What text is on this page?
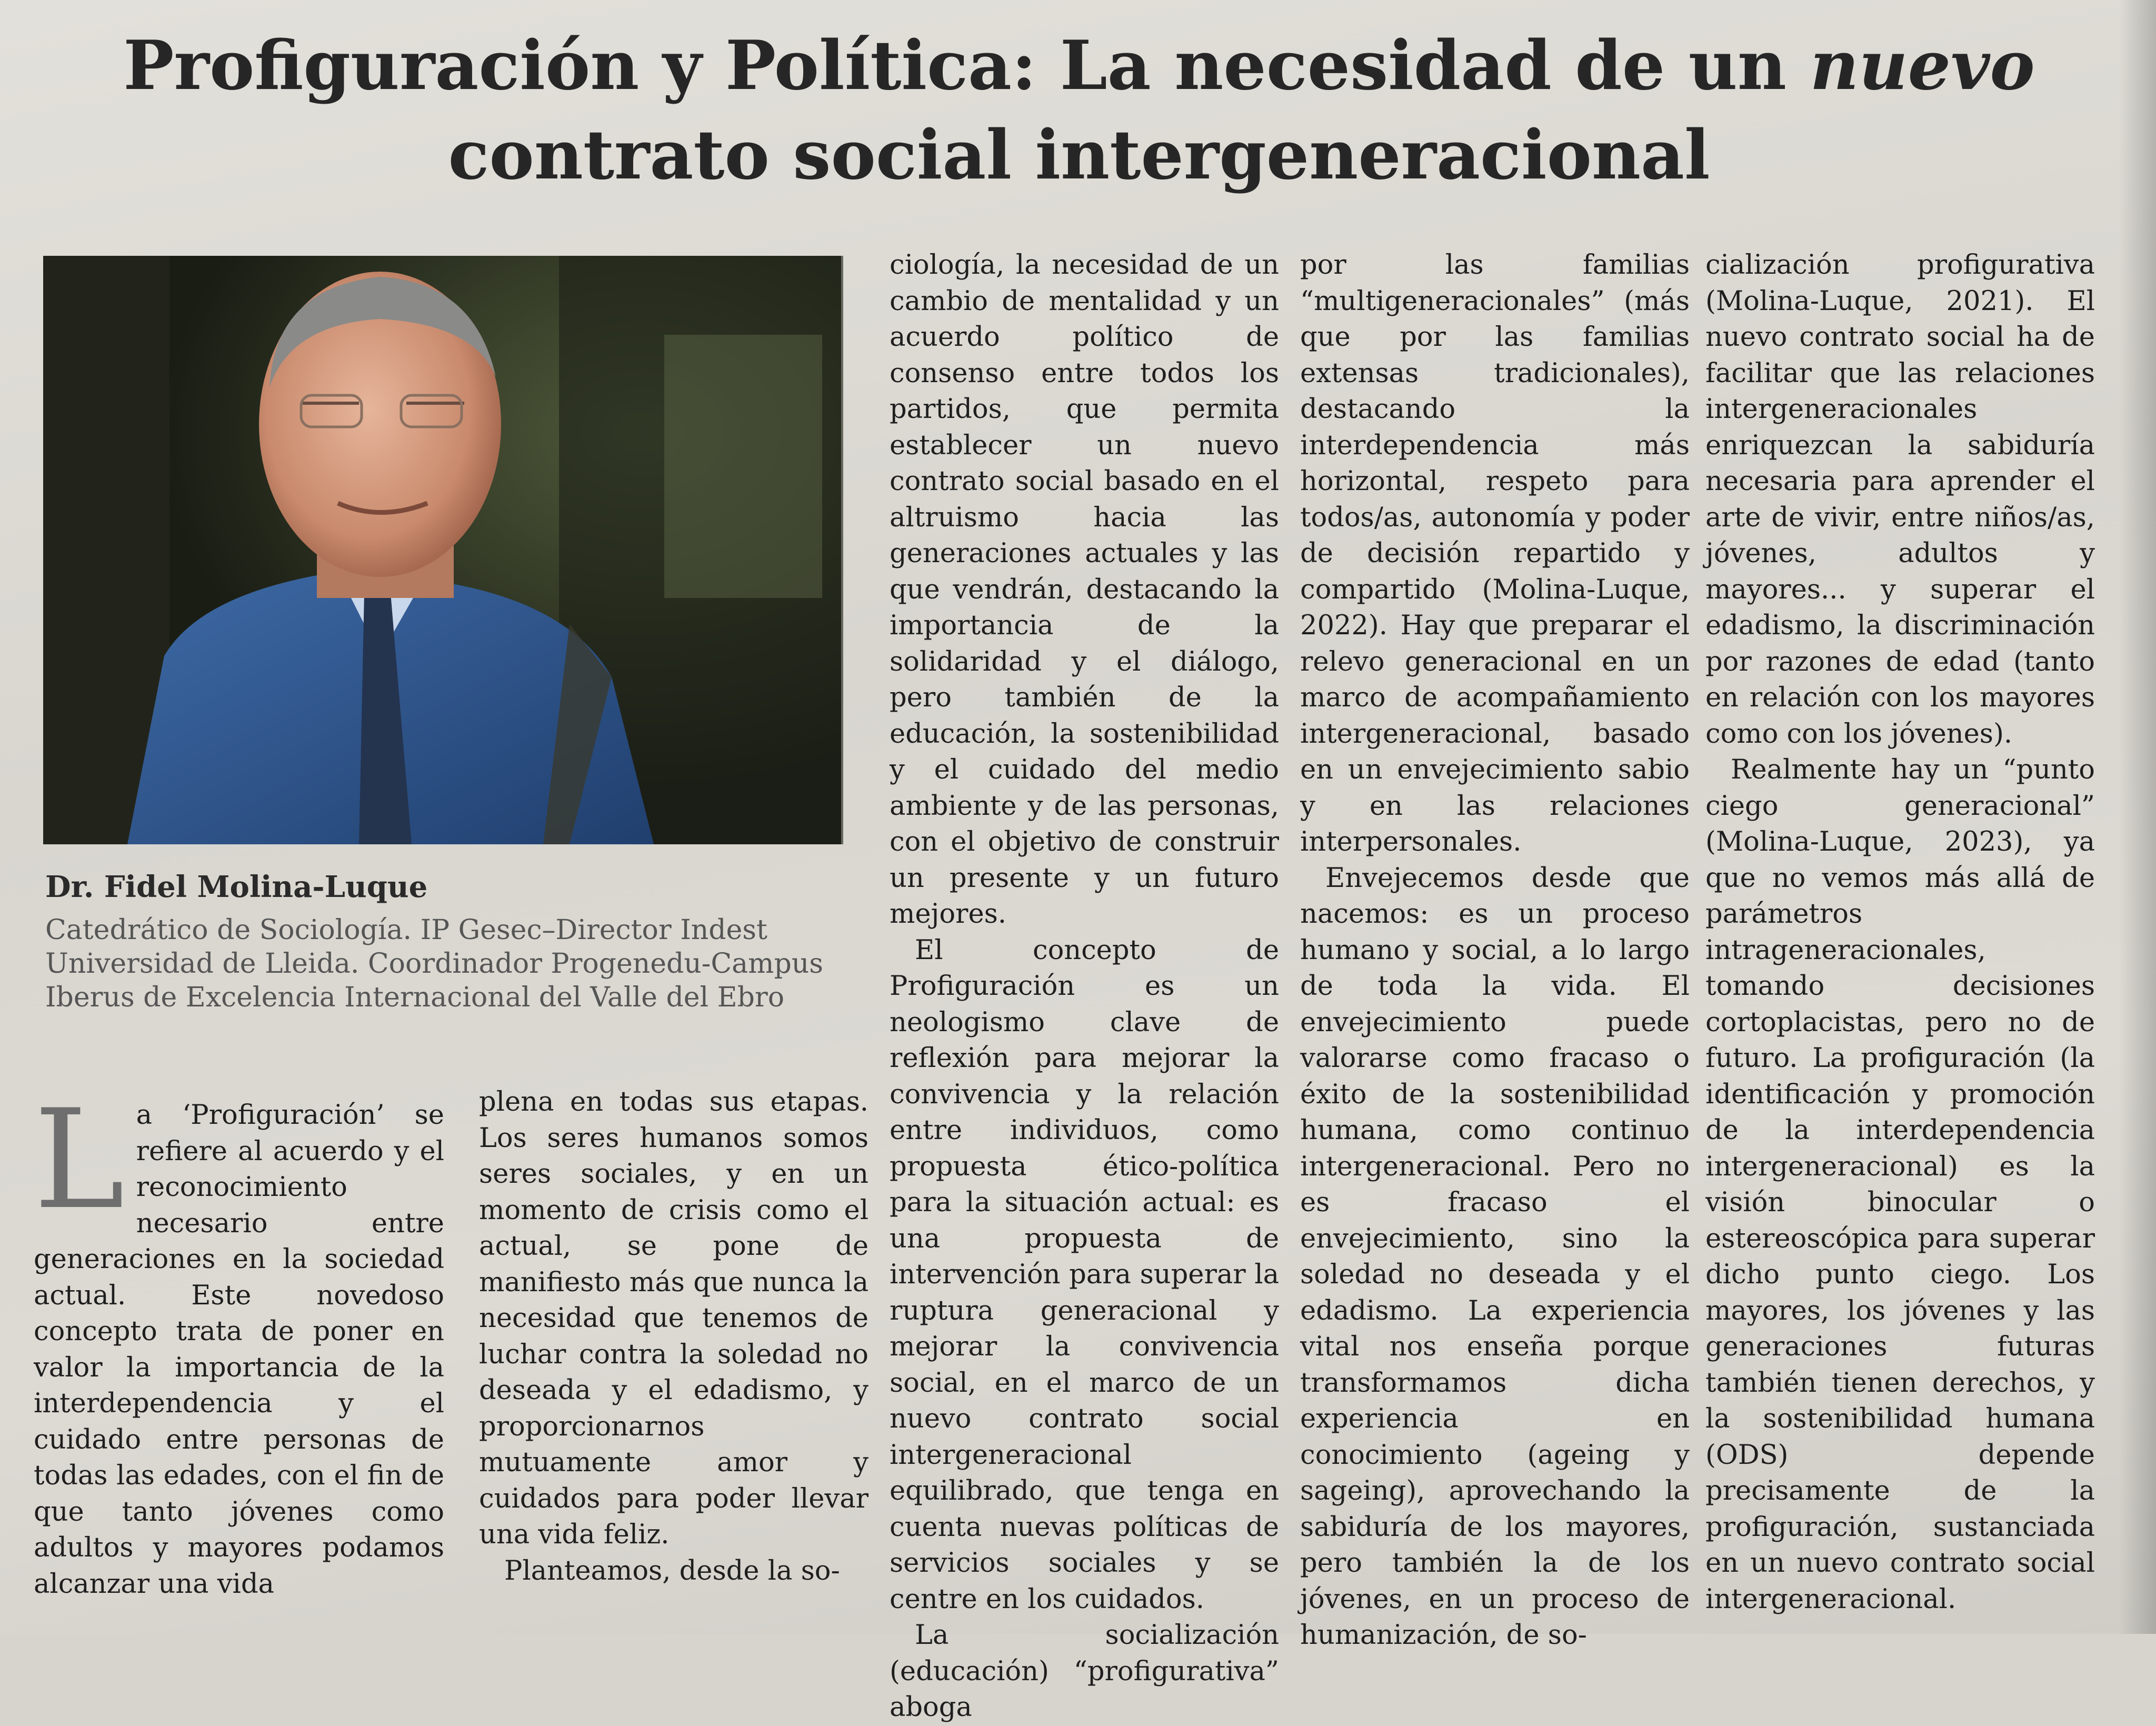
Profiguración y Política: La necesidad de un nuevo contrato social intergeneracional
Dr. Fidel Molina-Luque
Catedrático de Sociología. IP Gesec–Director Indest
Universidad de Lleida. Coordinador Progenedu-Campus
Iberus de Excelencia Internacional del Valle del Ebro

La ‘Profiguración’ se refiere al acuerdo y el reconocimiento necesario entre generaciones en la sociedad actual. Este novedoso concepto trata de poner en valor la importancia de la interdependencia y el cuidado entre personas de todas las edades, con el fin de que tanto jóvenes como adultos y mayores podamos alcanzar una vida

plena en todas sus etapas. Los seres humanos somos seres sociales, y en un momento de crisis como el actual, se pone de manifiesto más que nunca la necesidad que tenemos de luchar contra la soledad no deseada y el edadismo, y proporcionarnos mutuamente amor y cuidados para poder llevar una vida feliz.

Planteamos, desde la so-

ciología, la necesidad de un cambio de mentalidad y un acuerdo político de consenso entre todos los partidos, que permita establecer un nuevo contrato social basado en el altruismo hacia las generaciones actuales y las que vendrán, destacando la importancia de la solidaridad y el diálogo, pero también de la educación, la sostenibilidad y el cuidado del medio ambiente y de las personas, con el objetivo de construir un presente y un futuro mejores.

El concepto de Profiguración es un neologismo clave de reflexión para mejorar la convivencia y la relación entre individuos, como propuesta ético-política para la situación actual: es una propuesta de intervención para superar la ruptura generacional y mejorar la convivencia social, en el marco de un nuevo contrato social intergeneracional equilibrado, que tenga en cuenta nuevas políticas de servicios sociales y se centre en los cuidados.

La socialización (educación) “profigurativa” aboga

por las familias “multigeneracionales” (más que por las familias extensas tradicionales), destacando la interdependencia más horizontal, respeto para todos/as, autonomía y poder de decisión repartido y compartido (Molina-Luque, 2022). Hay que preparar el relevo generacional en un marco de acompañamiento intergeneracional, basado en un envejecimiento sabio y en las relaciones interpersonales.

Envejecemos desde que nacemos: es un proceso humano y social, a lo largo de toda la vida. El envejecimiento puede valorarse como fracaso o éxito de la sostenibilidad humana, como continuo intergeneracional. Pero no es fracaso el envejecimiento, sino la soledad no deseada y el edadismo. La experiencia vital nos enseña porque transformamos dicha experiencia en conocimiento (ageing y sageing), aprovechando la sabiduría de los mayores, pero también la de los jóvenes, en un proceso de humanización, de so-

cialización profigurativa (Molina-Luque, 2021). El nuevo contrato social ha de facilitar que las relaciones intergeneracionales enriquezcan la sabiduría necesaria para aprender el arte de vivir, entre niños/as, jóvenes, adultos y mayores... y superar el edadismo, la discriminación por razones de edad (tanto en relación con los mayores como con los jóvenes).

Realmente hay un “punto ciego generacional” (Molina-Luque, 2023), ya que no vemos más allá de parámetros intrageneracionales, tomando decisiones cortoplacistas, pero no de futuro. La profiguración (la identificación y promoción de la interdependencia intergeneracional) es la visión binocular o estereoscópica para superar dicho punto ciego. Los mayores, los jóvenes y las generaciones futuras también tienen derechos, y la sostenibilidad humana (ODS) depende precisamente de la profiguración, sustanciada en un nuevo contrato social intergeneracional.
